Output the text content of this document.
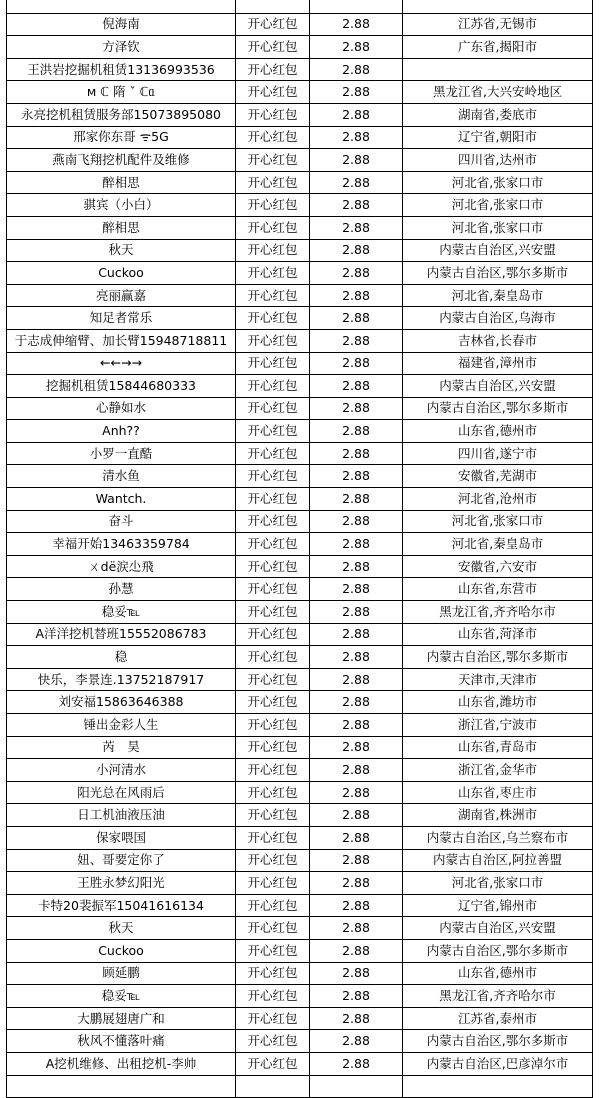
倪海南	开心红包	2.88	江苏省,无锡市
方泽钦	开心红包	2.88	广东省,揭阳市
王洪岩挖掘机租赁13136993536	开心红包	2.88	
ᴍ ℂ 隋 ˇ ℂᥲ	开心红包	2.88	黑龙江省,大兴安岭地区
永亮挖机租赁服务部15073895080	开心红包	2.88	湖南省,娄底市
邢家你东哥 ᯤ5G	开心红包	2.88	辽宁省,朝阳市
燕南飞翔挖机配件及维修	开心红包	2.88	四川省,达州市
醉相思	开心红包	2.88	河北省,张家口市
骐宾（小白）	开心红包	2.88	河北省,张家口市
醉相思	开心红包	2.88	河北省,张家口市
秋天	开心红包	2.88	内蒙古自治区,兴安盟
Cuckoo	开心红包	2.88	内蒙古自治区,鄂尔多斯市
亮丽赢嘉	开心红包	2.88	河北省,秦皇岛市
知足者常乐	开心红包	2.88	内蒙古自治区,乌海市
于志成伸缩臂、加长臂15948718811	开心红包	2.88	吉林省,长春市
←←→→	开心红包	2.88	福建省,漳州市
挖掘机租赁15844680333	开心红包	2.88	内蒙古自治区,兴安盟
心静如水	开心红包	2.88	内蒙古自治区,鄂尔多斯市
Anh??	开心红包	2.88	山东省,德州市
小罗一直酷	开心红包	2.88	四川省,遂宁市
清水鱼	开心红包	2.88	安徽省,芜湖市
Wantch.	开心红包	2.88	河北省,沧州市
奋斗	开心红包	2.88	河北省,张家口市
幸福开始13463359784	开心红包	2.88	河北省,秦皇岛市
ㄨdё涙尐飛	开心红包	2.88	安徽省,六安市
孙慧	开心红包	2.88	山东省,东营市
稳妥℡	开心红包	2.88	黑龙江省,齐齐哈尔市
A洋洋挖机替班15552086783	开心红包	2.88	山东省,菏泽市
稳	开心红包	2.88	内蒙古自治区,鄂尔多斯市
快乐，李景连.13752187917	开心红包	2.88	天津市,天津市
刘安福15863646388	开心红包	2.88	山东省,潍坊市
锤出金彩人生	开心红包	2.88	浙江省,宁波市
芮　昊	开心红包	2.88	山东省,青岛市
小河清水	开心红包	2.88	浙江省,金华市
阳光总在风雨后	开心红包	2.88	山东省,枣庄市
日工机油液压油	开心红包	2.88	湖南省,株洲市
保家喂国	开心红包	2.88	内蒙古自治区,乌兰察布市
妞、哥要定你了	开心红包	2.88	内蒙古自治区,阿拉善盟
王胜永梦幻阳光	开心红包	2.88	河北省,张家口市
卡特20裴振军15041616134	开心红包	2.88	辽宁省,锦州市
秋天	开心红包	2.88	内蒙古自治区,兴安盟
Cuckoo	开心红包	2.88	内蒙古自治区,鄂尔多斯市
顾延鹏	开心红包	2.88	山东省,德州市
稳妥℡	开心红包	2.88	黑龙江省,齐齐哈尔市
大鹏展翅唐广和	开心红包	2.88	江苏省,泰州市
秋风不懂落叶痛	开心红包	2.88	内蒙古自治区,鄂尔多斯市
A挖机维修、出租挖机-李帅	开心红包	2.88	内蒙古自治区,巴彦淖尔市
